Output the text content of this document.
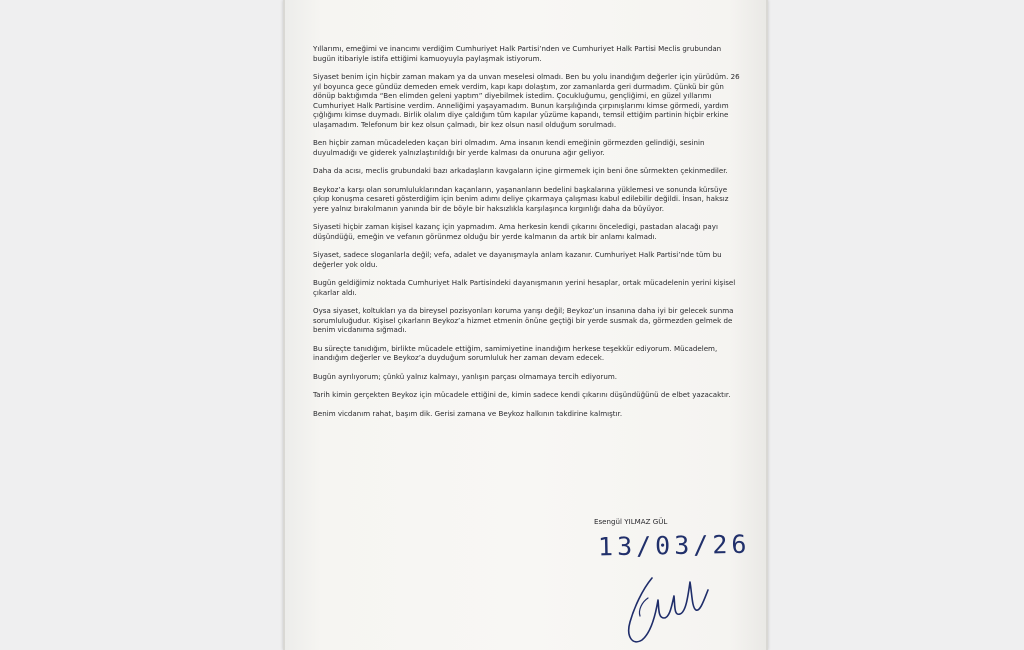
Yıllarımı, emeğimi ve inancımı verdiğim Cumhuriyet Halk Partisi’nden ve Cumhuriyet Halk Partisi Meclis grubundan bugün itibariyle istifa ettiğimi kamuoyuyla paylaşmak istiyorum.

Siyaset benim için hiçbir zaman makam ya da unvan meselesi olmadı. Ben bu yolu inandığım değerler için yürüdüm. 26 yıl boyunca gece gündüz demeden emek verdim, kapı kapı dolaştım, zor zamanlarda geri durmadım. Çünkü bir gün dönüp baktığımda “Ben elimden geleni yaptım” diyebilmek istedim. Çocukluğumu, gençliğimi, en güzel yıllarımı Cumhuriyet Halk Partisine verdim. Anneliğimi yaşayamadım. Bunun karşılığında çırpınışlarımı kimse görmedi, yardım çığlığımı kimse duymadı. Birlik olalım diye çaldığım tüm kapılar yüzüme kapandı, temsil ettiğim partinin hiçbir erkine ulaşamadım. Telefonum bir kez olsun çalmadı, bir kez olsun nasıl olduğum sorulmadı.

Ben hiçbir zaman mücadeleden kaçan biri olmadım. Ama insanın kendi emeğinin görmezden gelindiği, sesinin duyulmadığı ve giderek yalnızlaştırıldığı bir yerde kalması da onuruna ağır geliyor.

Daha da acısı, meclis grubundaki bazı arkadaşların kavgaların içine girmemek için beni öne sürmekten çekinmediler.

Beykoz’a karşı olan sorumluluklarından kaçanların, yaşananların bedelini başkalarına yüklemesi ve sonunda kürsüye çıkıp konuşma cesareti gösterdiğim için benim adımı deliye çıkarmaya çalışması kabul edilebilir değildi. İnsan, haksız yere yalnız bırakılmanın yanında bir de böyle bir haksızlıkla karşılaşınca kırgınlığı daha da büyüyor.

Siyaseti hiçbir zaman kişisel kazanç için yapmadım. Ama herkesin kendi çıkarını önceledigi, pastadan alacağı payı düşündüğü, emeğin ve vefanın görünmez olduğu bir yerde kalmanın da artık bir anlamı kalmadı.

Siyaset, sadece sloganlarla değil; vefa, adalet ve dayanışmayla anlam kazanır. Cumhuriyet Halk Partisi’nde tüm bu değerler yok oldu.

Bugün geldiğimiz noktada Cumhuriyet Halk Partisindeki dayanışmanın yerini hesaplar, ortak mücadelenin yerini kişisel çıkarlar aldı.

Oysa siyaset, koltukları ya da bireysel pozisyonları koruma yarışı değil; Beykoz’un insanına daha iyi bir gelecek sunma sorumluluğudur. Kişisel çıkarların Beykoz’a hizmet etmenin önüne geçtiği bir yerde susmak da, görmezden gelmek de benim vicdanıma sığmadı.

Bu süreçte tanıdığım, birlikte mücadele ettiğim, samimiyetine inandığım herkese teşekkür ediyorum. Mücadelem, inandığım değerler ve Beykoz’a duyduğum sorumluluk her zaman devam edecek.

Bugün ayrılıyorum; çünkü yalnız kalmayı, yanlışın parçası olmamaya tercih ediyorum.

Tarih kimin gerçekten Beykoz için mücadele ettiğini de, kimin sadece kendi çıkarını düşündüğünü de elbet yazacaktır.

Benim vicdanım rahat, başım dik. Gerisi zamana ve Beykoz halkının takdirine kalmıştır.

Esengül YILMAZ GÜL
13/03/26
